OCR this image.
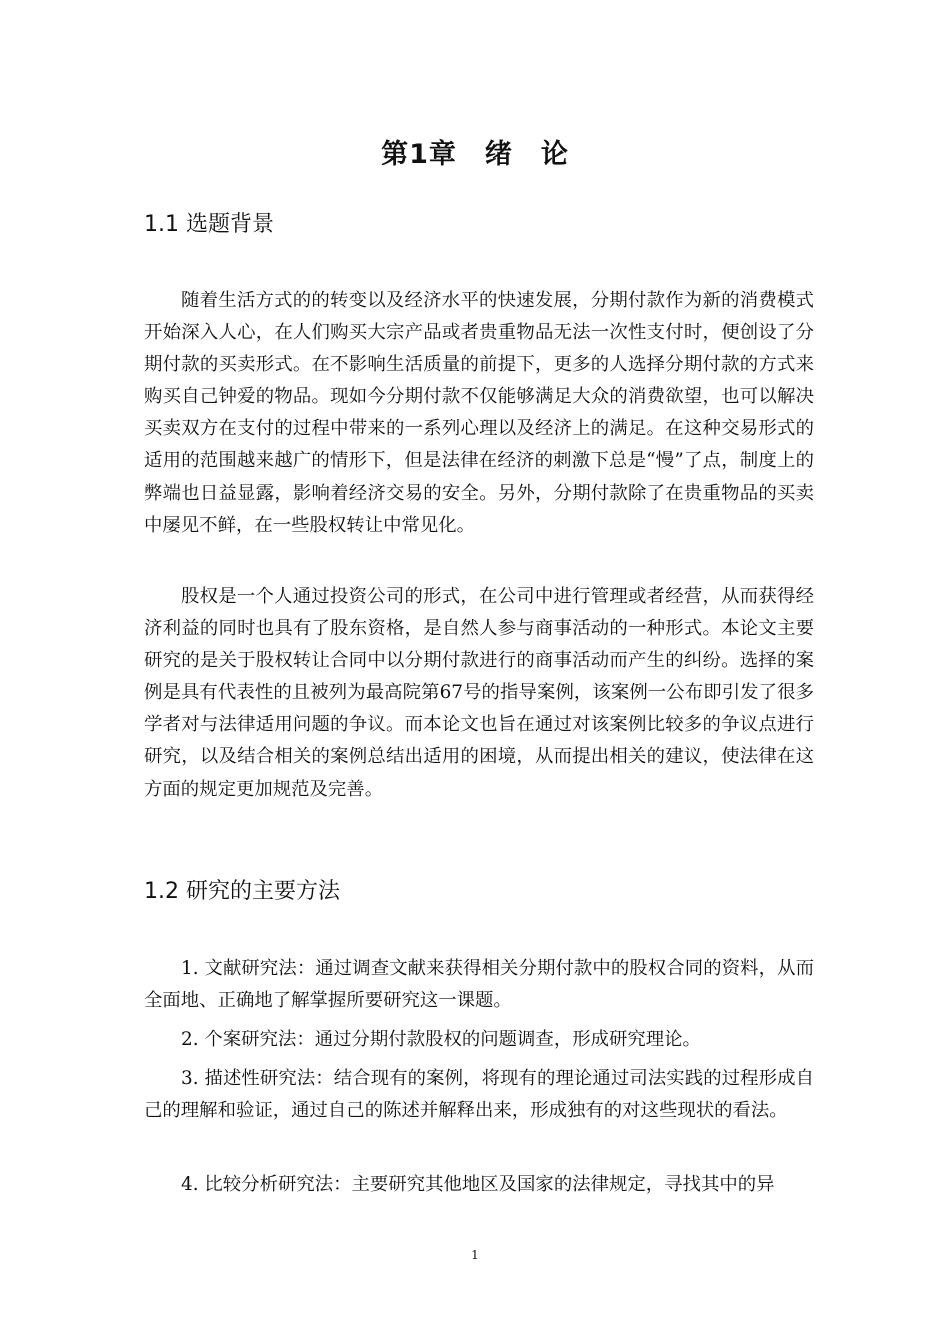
第1章　绪　论
1.1 选题背景

随着生活方式的的转变以及经济水平的快速发展，分期付款作为新的消费模式开始深入人心，在人们购买大宗产品或者贵重物品无法一次性支付时，便创设了分期付款的买卖形式。在不影响生活质量的前提下，更多的人选择分期付款的方式来购买自己钟爱的物品。现如今分期付款不仅能够满足大众的消费欲望，也可以解决买卖双方在支付的过程中带来的一系列心理以及经济上的满足。在这种交易形式的适用的范围越来越广的情形下，但是法律在经济的刺激下总是“慢”了点，制度上的弊端也日益显露，影响着经济交易的安全。另外，分期付款除了在贵重物品的买卖中屡见不鲜，在一些股权转让中常见化。

股权是一个人通过投资公司的形式，在公司中进行管理或者经营，从而获得经济利益的同时也具有了股东资格，是自然人参与商事活动的一种形式。本论文主要研究的是关于股权转让合同中以分期付款进行的商事活动而产生的纠纷。选择的案例是具有代表性的且被列为最高院第67号的指导案例，该案例一公布即引发了很多学者对与法律适用问题的争议。而本论文也旨在通过对该案例比较多的争议点进行研究，以及结合相关的案例总结出适用的困境，从而提出相关的建议，使法律在这方面的规定更加规范及完善。

1.2 研究的主要方法

1. 文献研究法：通过调查文献来获得相关分期付款中的股权合同的资料，从而全面地、正确地了解掌握所要研究这一课题。

2. 个案研究法：通过分期付款股权的问题调查，形成研究理论。

3. 描述性研究法：结合现有的案例，将现有的理论通过司法实践的过程形成自己的理解和验证，通过自己的陈述并解释出来，形成独有的对这些现状的看法。

4. 比较分析研究法：主要研究其他地区及国家的法律规定，寻找其中的异

1
